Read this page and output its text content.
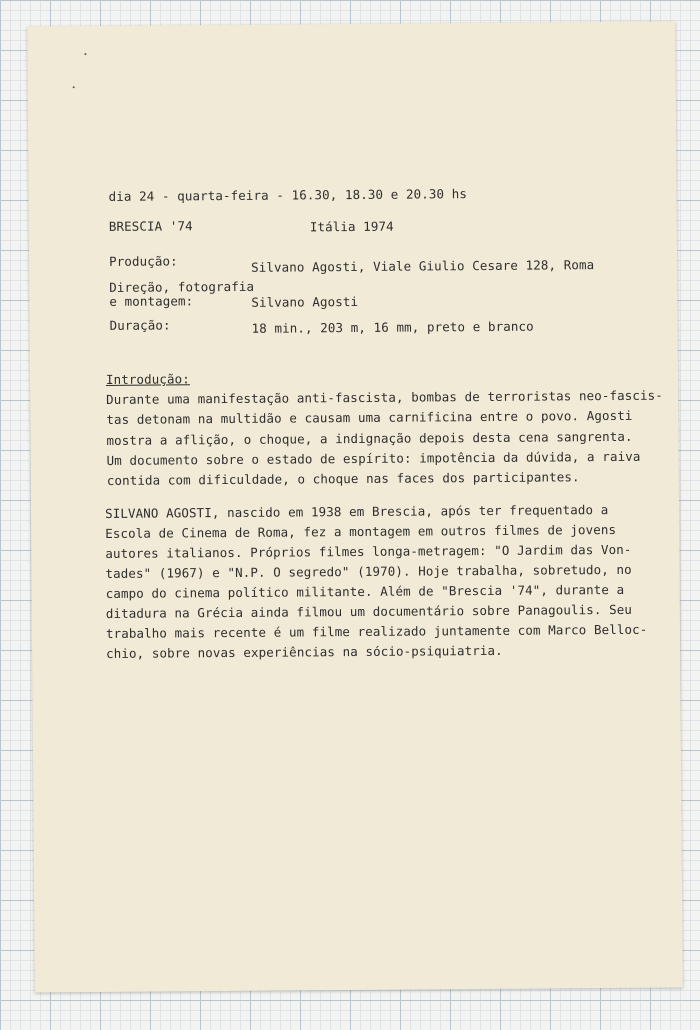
dia 24 - quarta-feira - 16.30, 18.30 e 20.30 hs
BRESCIA '74	Itália 1974
Produção:	Silvano Agosti, Viale Giulio Cesare 128, Roma
Direção, fotografia
e montagem:	Silvano Agosti
Duração:	18 min., 203 m, 16 mm, preto e branco
Introdução:
Durante uma manifestação anti-fascista, bombas de terroristas neo-fascis-
tas detonam na multidão e causam uma carnificina entre o povo. Agosti
mostra a aflição, o choque, a indignação depois desta cena sangrenta.
Um documento sobre o estado de espírito: impotência da dúvida, a raiva
contida com dificuldade, o choque nas faces dos participantes.
SILVANO AGOSTI, nascido em 1938 em Brescia, após ter frequentado a
Escola de Cinema de Roma, fez a montagem em outros filmes de jovens
autores italianos. Próprios filmes longa-metragem: "O Jardim das Von-
tades" (1967) e "N.P. O segredo" (1970). Hoje trabalha, sobretudo, no
campo do cinema político militante. Além de "Brescia '74", durante a
ditadura na Grécia ainda filmou um documentário sobre Panagoulis. Seu
trabalho mais recente é um filme realizado juntamente com Marco Belloc-
chio, sobre novas experiências na sócio-psiquiatria.
